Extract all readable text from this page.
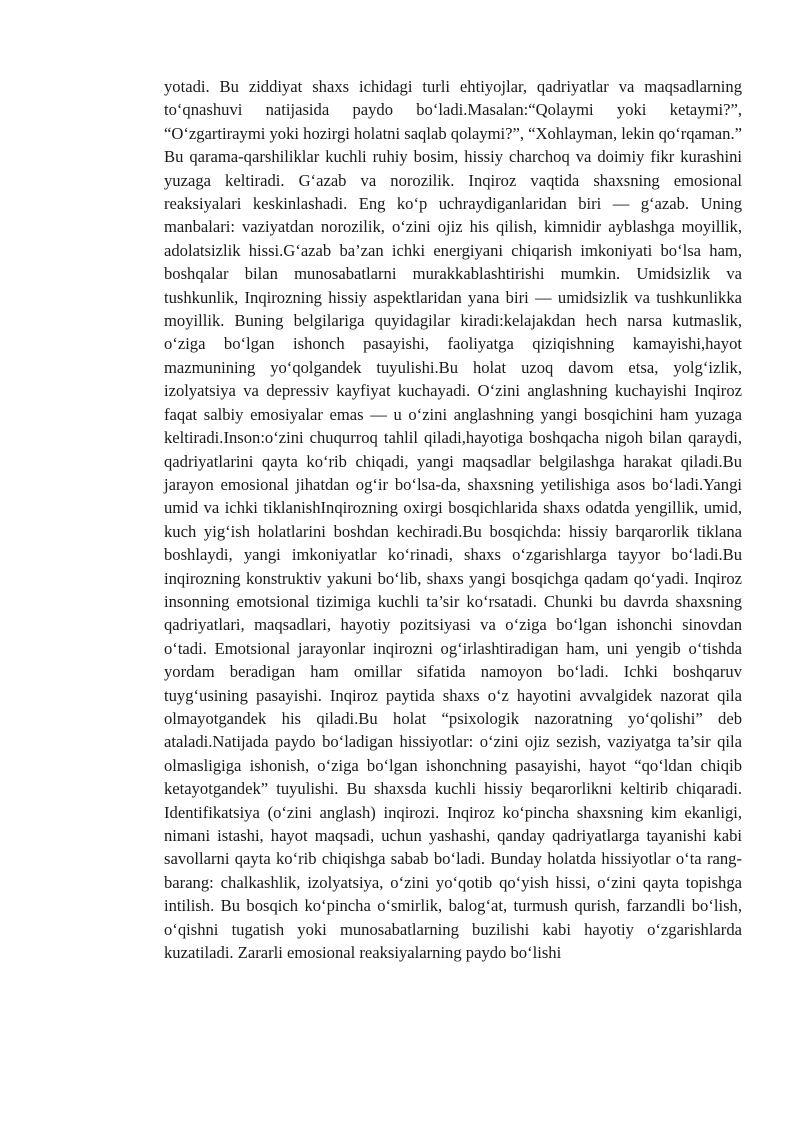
yotadi. Bu ziddiyat shaxs ichidagi turli ehtiyojlar, qadriyatlar va maqsadlarning to‘qnashuvi natijasida paydo bo‘ladi.Masalan:“Qolaymi yoki ketaymi?”, “O‘zgartiraymi yoki hozirgi holatni saqlab qolaymi?”, “Xohlayman, lekin qo‘rqaman.” Bu qarama-qarshiliklar kuchli ruhiy bosim, hissiy charchoq va doimiy fikr kurashini yuzaga keltiradi. G‘azab va norozilik. Inqiroz vaqtida shaxsning emosional reaksiyalari keskinlashadi. Eng ko‘p uchraydiganlaridan biri — g‘azab. Uning manbalari: vaziyatdan norozilik, o‘zini ojiz his qilish, kimnidir ayblashga moyillik, adolatsizlik hissi.G‘azab ba’zan ichki energiyani chiqarish imkoniyati bo‘lsa ham, boshqalar bilan munosabatlarni murakkablashtirishi mumkin. Umidsizlik va tushkunlik, Inqirozning hissiy aspektlaridan yana biri — umidsizlik va tushkunlikka moyillik. Buning belgilariga quyidagilar kiradi:kelajakdan hech narsa kutmaslik, o‘ziga bo‘lgan ishonch pasayishi, faoliyatga qiziqishning kamayishi,hayot mazmunining yo‘qolgandek tuyulishi.Bu holat uzoq davom etsa, yolg‘izlik, izolyatsiya va depressiv kayfiyat kuchayadi. O‘zini anglashning kuchayishi Inqiroz faqat salbiy emosiyalar emas — u o‘zini anglashning yangi bosqichini ham yuzaga keltiradi.Inson:o‘zini chuqurroq tahlil qiladi,hayotiga boshqacha nigoh bilan qaraydi, qadriyatlarini qayta ko‘rib chiqadi, yangi maqsadlar belgilashga harakat qiladi.Bu jarayon emosional jihatdan og‘ir bo‘lsa-da, shaxsning yetilishiga asos bo‘ladi.Yangi umid va ichki tiklanishInqirozning oxirgi bosqichlarida shaxs odatda yengillik, umid, kuch yig‘ish holatlarini boshdan kechiradi.Bu bosqichda: hissiy barqarorlik tiklana boshlaydi, yangi imkoniyatlar ko‘rinadi, shaxs o‘zgarishlarga tayyor bo‘ladi.Bu inqirozning konstruktiv yakuni bo‘lib, shaxs yangi bosqichga qadam qo‘yadi. Inqiroz insonning emotsional tizimiga kuchli ta’sir ko‘rsatadi. Chunki bu davrda shaxsning qadriyatlari, maqsadlari, hayotiy pozitsiyasi va o‘ziga bo‘lgan ishonchi sinovdan o‘tadi. Emotsional jarayonlar inqirozni og‘irlashtiradigan ham, uni yengib o‘tishda yordam beradigan ham omillar sifatida namoyon bo‘ladi. Ichki boshqaruv tuyg‘usining pasayishi. Inqiroz paytida shaxs o‘z hayotini avvalgidek nazorat qila olmayotgandek his qiladi.Bu holat “psixologik nazoratning yo‘qolishi” deb ataladi.Natijada paydo bo‘ladigan hissiyotlar: o‘zini ojiz sezish, vaziyatga ta’sir qila olmasligiga ishonish, o‘ziga bo‘lgan ishonchning pasayishi, hayot “qo‘ldan chiqib ketayotgandek” tuyulishi. Bu shaxsda kuchli hissiy beqarorlikni keltirib chiqaradi. Identifikatsiya (o‘zini anglash) inqirozi. Inqiroz ko‘pincha shaxsning kim ekanligi, nimani istashi, hayot maqsadi, uchun yashashi, qanday qadriyatlarga tayanishi kabi savollarni qayta ko‘rib chiqishga sabab bo‘ladi. Bunday holatda hissiyotlar o‘ta rang-barang: chalkashlik, izolyatsiya, o‘zini yo‘qotib qo‘yish hissi, o‘zini qayta topishga intilish. Bu bosqich ko‘pincha o‘smirlik, balog‘at, turmush qurish, farzandli bo‘lish, o‘qishni tugatish yoki munosabatlarning buzilishi kabi hayotiy o‘zgarishlarda kuzatiladi. Zararli emosional reaksiyalarning paydo bo‘lishi
